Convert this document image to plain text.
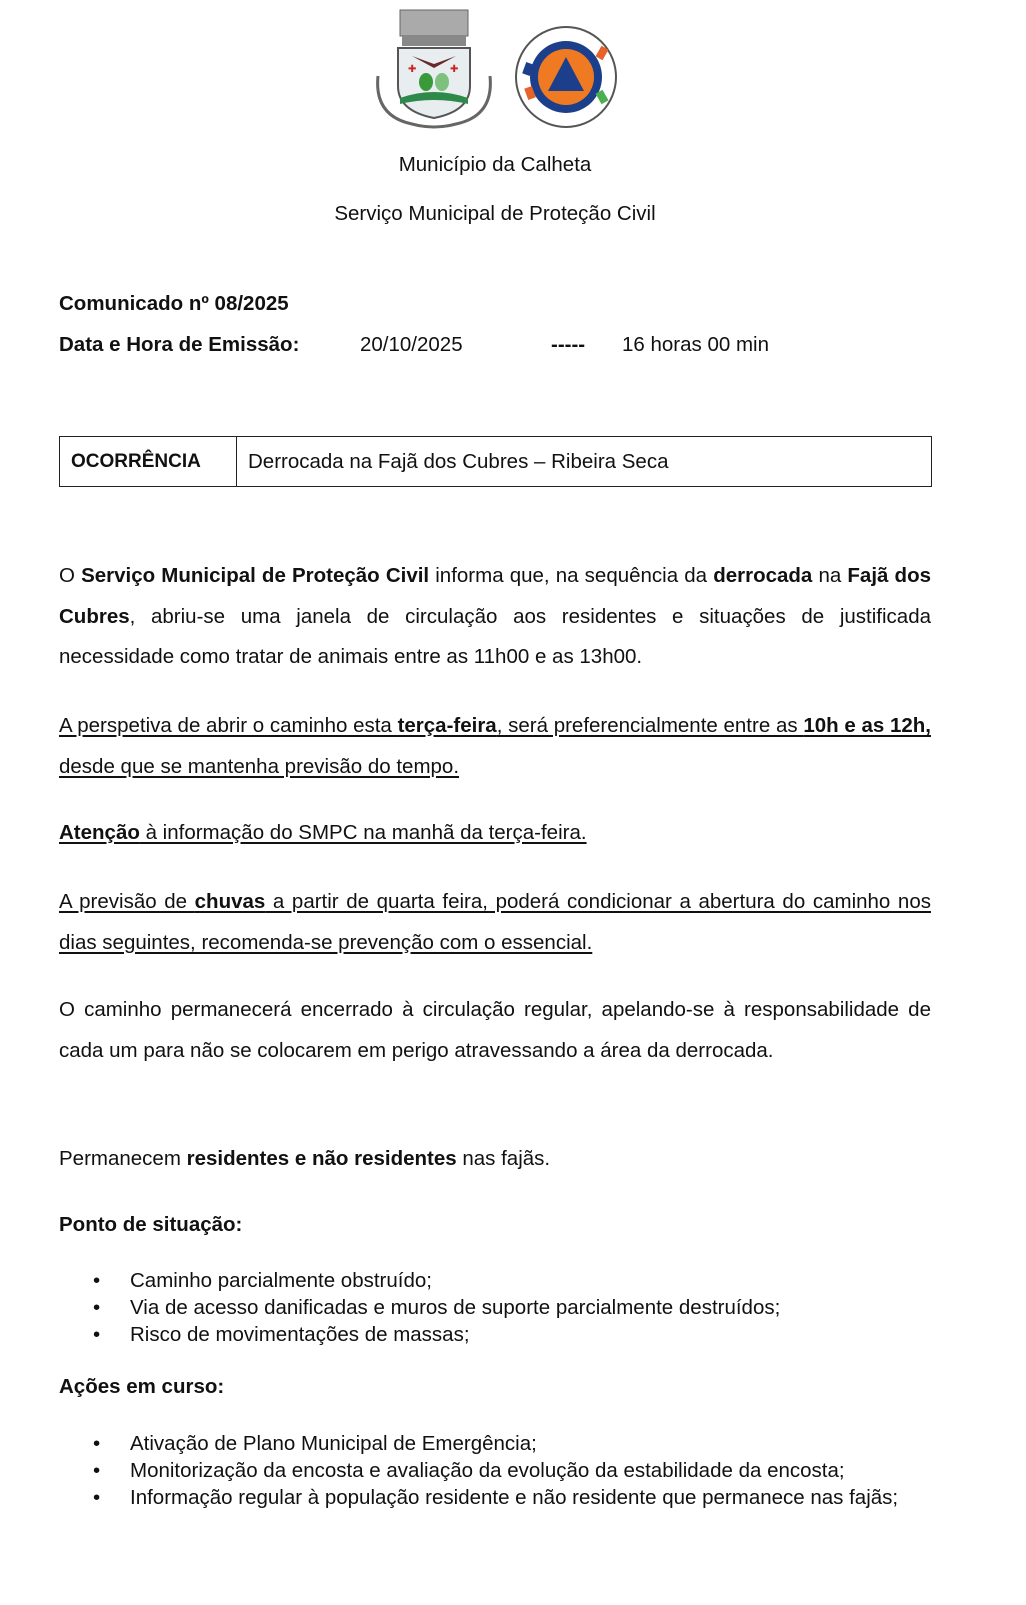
✚	✚
Município da Calheta
Serviço Municipal de Proteção Civil
Comunicado nº 08/2025
Data e Hora de Emissão:	20/10/2025	----- 16 horas 00 min
OCORRÊNCIA	Derrocada na Fajã dos Cubres – Ribeira Seca

O Serviço Municipal de Proteção Civil informa que, na sequência da derrocada na Fajã dos Cubres, abriu-se uma janela de circulação aos residentes e situações de justificada necessidade como tratar de animais entre as 11h00 e as 13h00.

A perspetiva de abrir o caminho esta terça-feira, será preferencialmente entre as 10h e as 12h, desde que se mantenha previsão do tempo.

Atenção à informação do SMPC na manhã da terça-feira.

A previsão de chuvas a partir de quarta feira, poderá condicionar a abertura do caminho nos dias seguintes, recomenda-se prevenção com o essencial.

O caminho permanecerá encerrado à circulação regular, apelando-se à responsabilidade de cada um para não se colocarem em perigo atravessando a área da derrocada.

Permanecem residentes e não residentes nas fajãs.

Ponto de situação:
• Caminho parcialmente obstruído;
• Via de acesso danificadas e muros de suporte parcialmente destruídos;
• Risco de movimentações de massas;
Ações em curso:
• Ativação de Plano Municipal de Emergência;
• Monitorização da encosta e avaliação da evolução da estabilidade da encosta;
• Informação regular à população residente e não residente que permanece nas fajãs;
